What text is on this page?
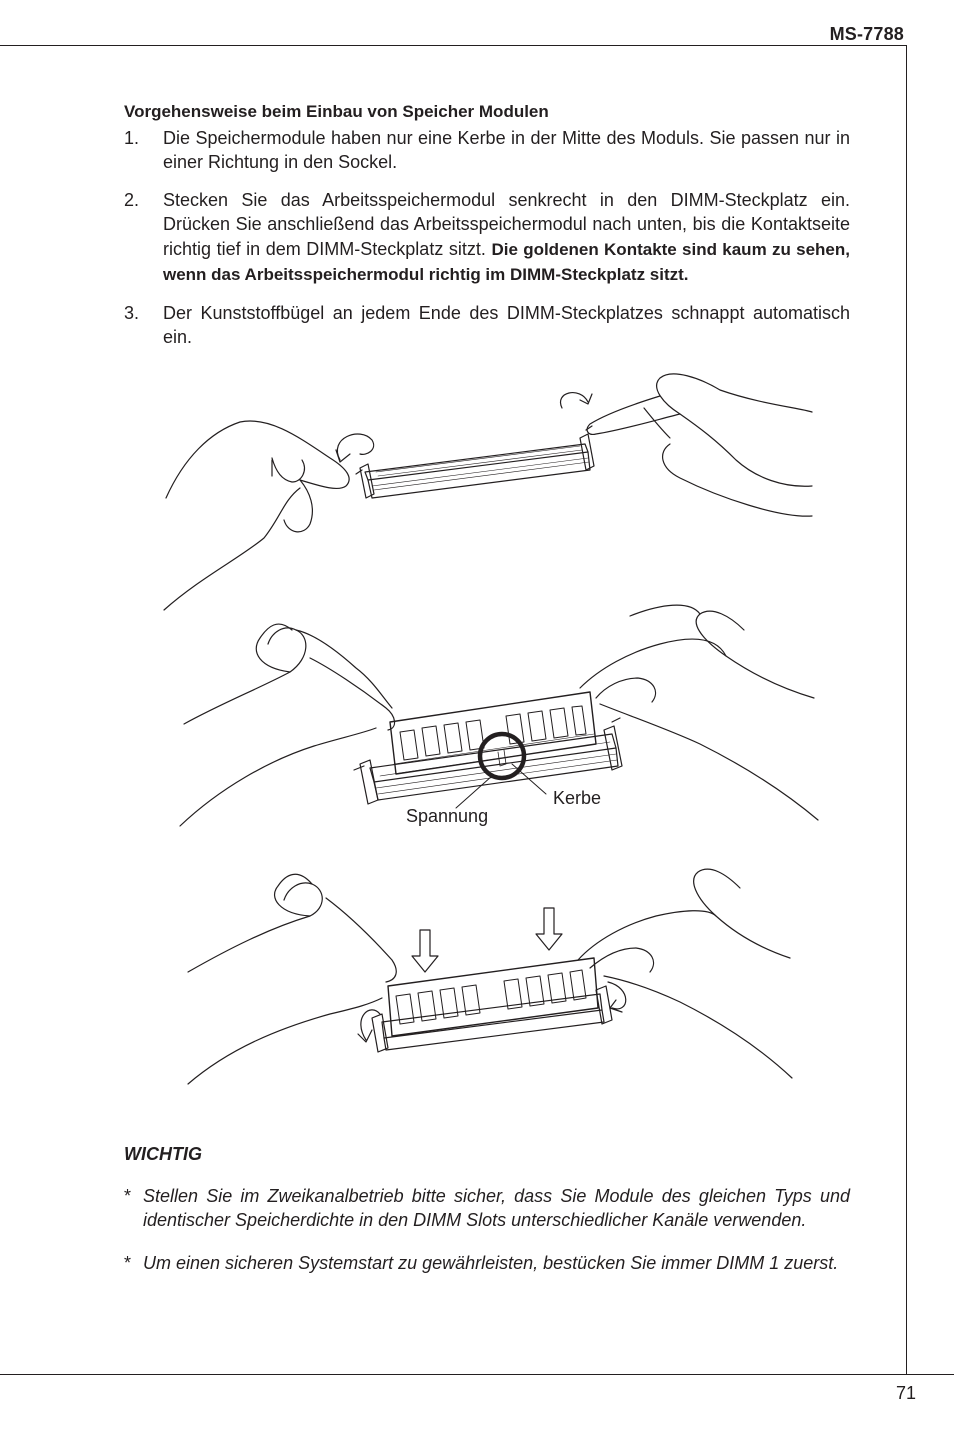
MS-7788
Vorgehensweise beim Einbau von Speicher Modulen
1. Die Speichermodule haben nur eine Kerbe in der Mitte des Moduls. Sie passen nur in einer Richtung in den Sockel.
2. Stecken Sie das Arbeitsspeichermodul senkrecht in den DIMM-Steckplatz ein. Drücken Sie anschließend das Arbeitsspeichermodul nach unten, bis die Kontaktseite richtig tief in dem DIMM-Steckplatz sitzt. Die goldenen Kontakte sind kaum zu sehen, wenn das Arbeitsspeichermodul richtig im DIMM-Steckplatz sitzt.
3. Der Kunststoffbügel an jedem Ende des DIMM-Steckplatzes schnappt automatisch ein.
Kerbe
Spannung
WICHTIG
* Stellen Sie im Zweikanalbetrieb bitte sicher, dass Sie Module des gleichen Typs und identischer Speicherdichte in den DIMM Slots unterschiedlicher Kanäle verwenden.
* Um einen sicheren Systemstart zu gewährleisten, bestücken Sie immer DIMM 1 zuerst.
71
